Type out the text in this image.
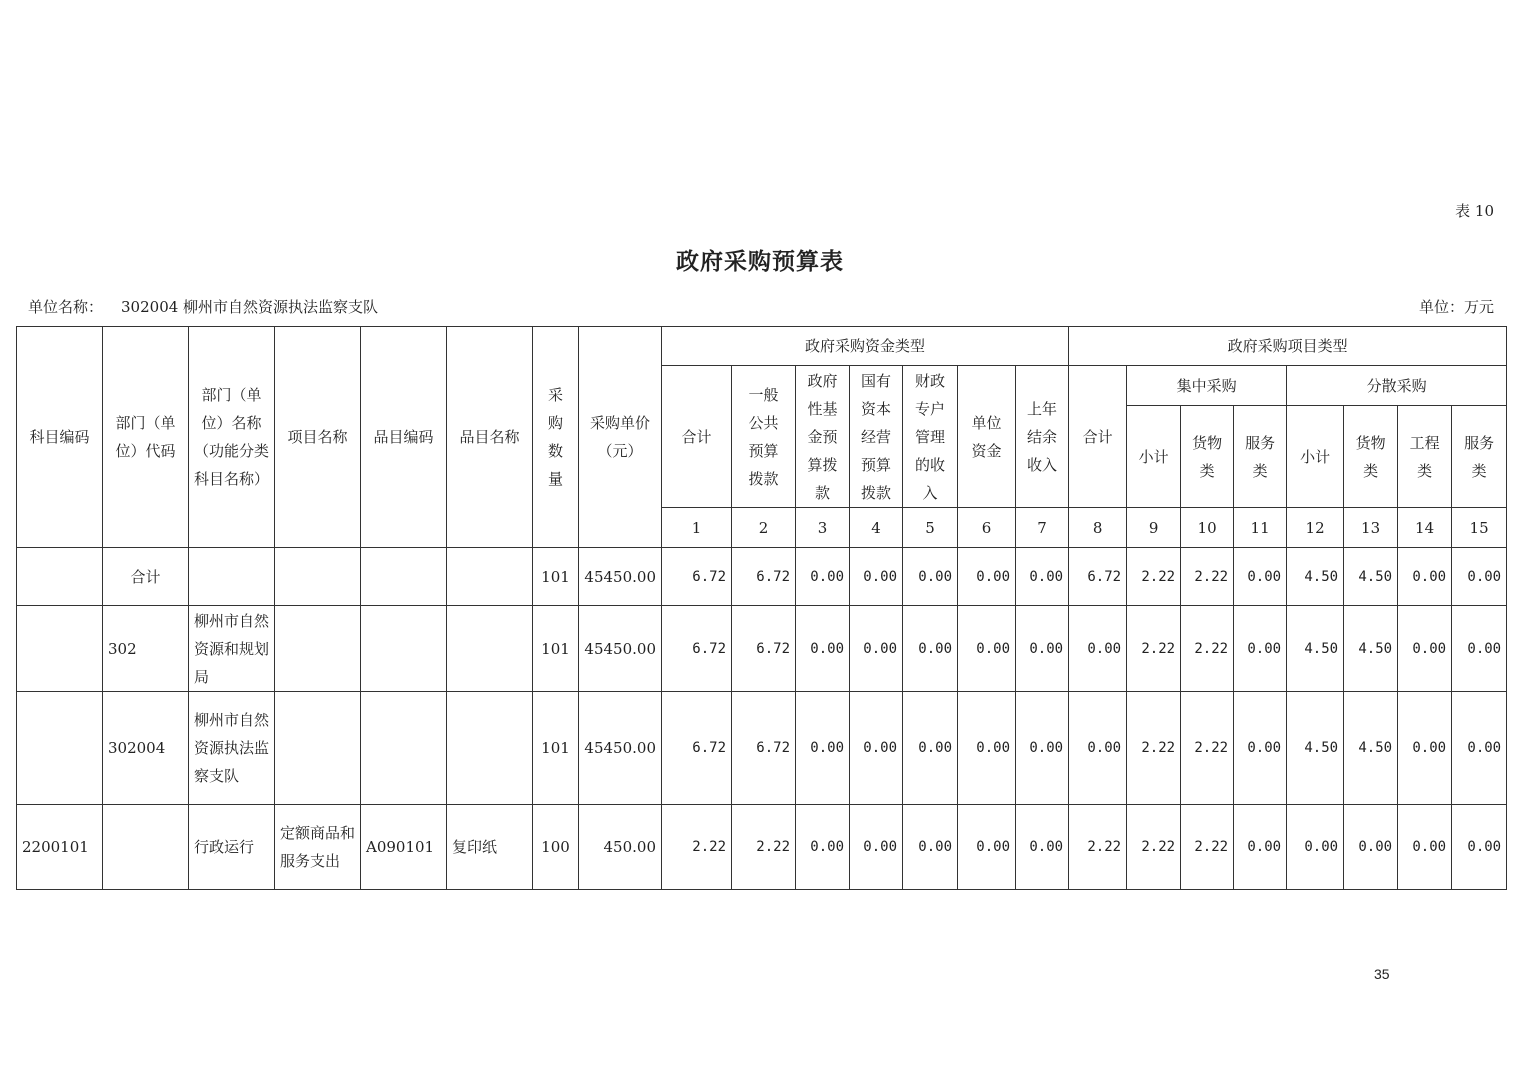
表 10
政府采购预算表
单位名称： 302004 柳州市自然资源执法监察支队	单位：万元
科目编码	部门（单位）代码	部门（单位）名称（功能分类科目名称）	项目名称	品目编码	品目名称	采购数量	采购单价（元）	政府采购资金类型							政府采购项目类型							
								合计	一般公共预算拨款	政府性基金预算拨款	国有资本经营预算拨款	财政专户管理的收入	单位资金	上年结余收入	合计	集中采购			分散采购			
																小计	货物类	服务类	小计	货物类	工程类	服务类

								1	2	3	4	5	6	7	8	9	10	11	12	13	14	15
	合计					101	45450.00	6.72	6.72	0.00	0.00	0.00	0.00	0.00	6.72	2.22	2.22	0.00	4.50	4.50	0.00	0.00
	302	柳州市自然资源和规划局				101	45450.00	6.72	6.72	0.00	0.00	0.00	0.00	0.00	0.00	2.22	2.22	0.00	4.50	4.50	0.00	0.00
	302004	柳州市自然资源执法监察支队				101	45450.00	6.72	6.72	0.00	0.00	0.00	0.00	0.00	0.00	2.22	2.22	0.00	4.50	4.50	0.00	0.00
2200101		行政运行	定额商品和服务支出	A090101	复印纸	100	450.00	2.22	2.22	0.00	0.00	0.00	0.00	0.00	2.22	2.22	2.22	0.00	0.00	0.00	0.00	0.00
35
